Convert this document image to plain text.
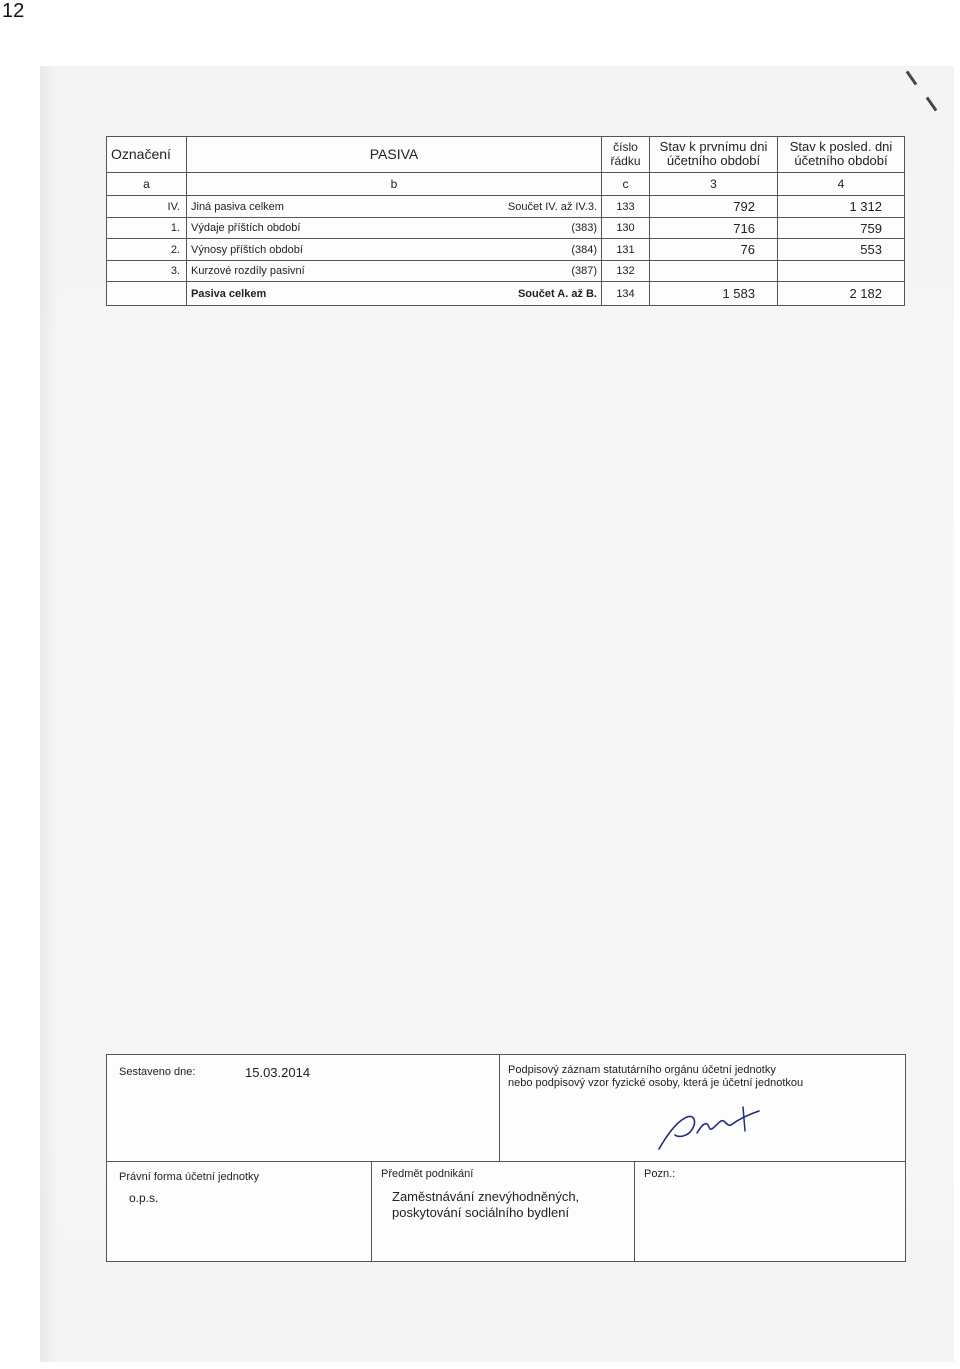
12
Označení	PASIVA	číslo řádku	Stav k prvnímu dni účetního období	Stav k posled. dni účetního období
a	b	c	3	4
IV.	Jiná pasiva celkem Součet IV. až IV.3.	133	792	1 312
1.	Výdaje příštích období (383)	130	716	759
2.	Výnosy příštích období (384)	131	76	553
3.	Kurzové rozdíly pasivní (387)	132		
	Pasiva celkem Součet A. až B.	134	1 583	2 182
Sestaveno dne:	15.03.2014	Podpisový záznam statutárního orgánu účetní jednotky
nebo podpisový vzor fyzické osoby, která je účetní jednotkou
Právní forma účetní jednotky
o.p.s.
Předmět podnikání
Zaměstnávání znevýhodněných,
poskytování sociálního bydlení
Pozn.:
